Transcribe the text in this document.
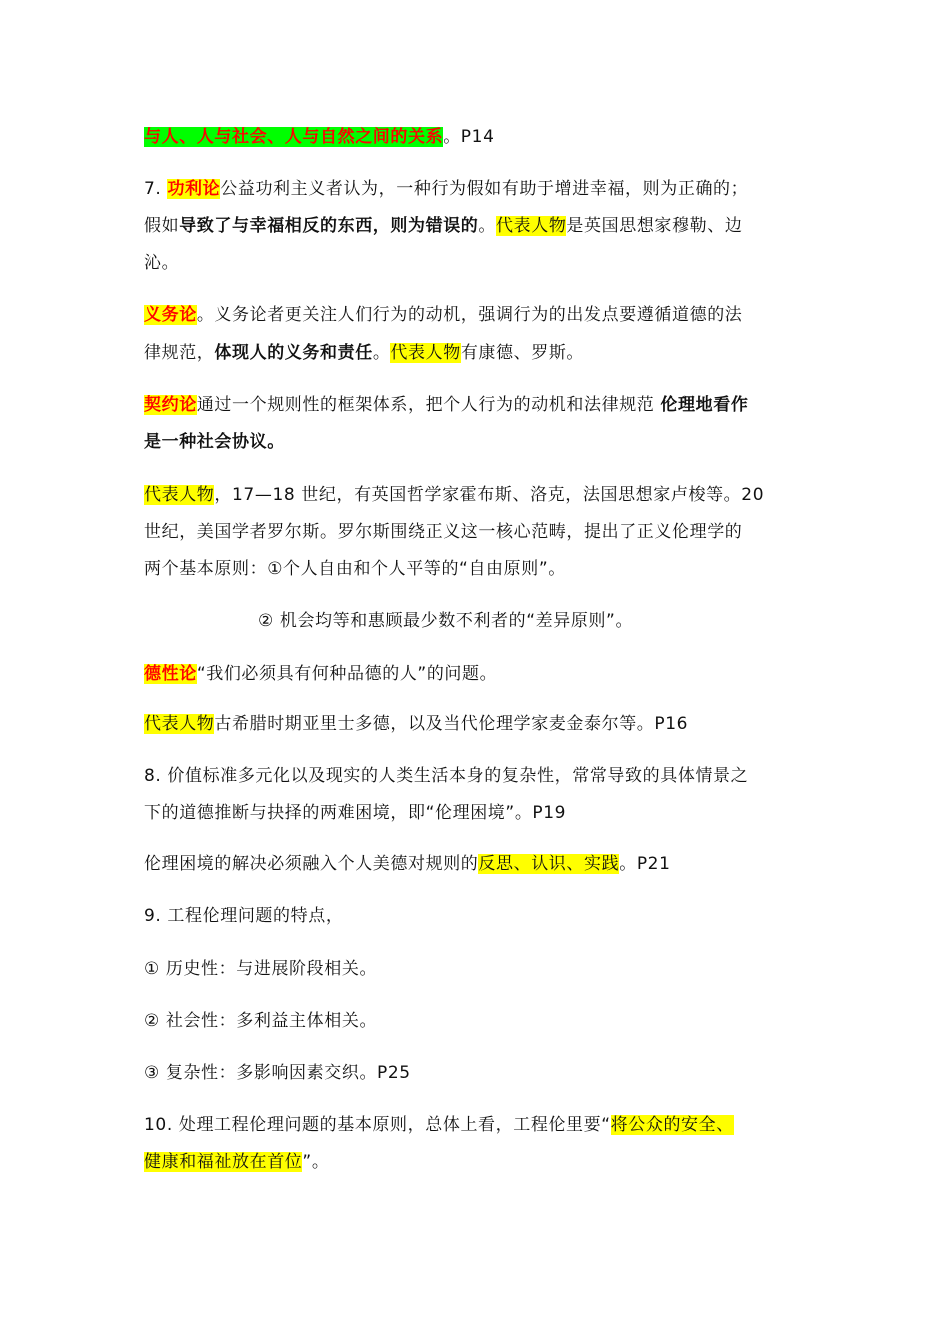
与人、人与社会、人与自然之间的关系。P14
7. 功利论公益功利主义者认为，一种行为假如有助于增进幸福，则为正确的；
假如导致了与幸福相反的东西，则为错误的。代表人物是英国思想家穆勒、边
沁。
义务论。义务论者更关注人们行为的动机，强调行为的出发点要遵循道德的法
律规范，体现人的义务和责任。代表人物有康德、罗斯。
契约论通过一个规则性的框架体系，把个人行为的动机和法律规范 伦理地看作
是一种社会协议。
代表人物，17—18 世纪，有英国哲学家霍布斯、洛克，法国思想家卢梭等。20
世纪，美国学者罗尔斯。罗尔斯围绕正义这一核心范畴，提出了正义伦理学的
两个基本原则：①个人自由和个人平等的“自由原则”。
② 机会均等和惠顾最少数不利者的“差异原则”。
德性论“我们必须具有何种品德的人”的问题。
代表人物古希腊时期亚里士多德，以及当代伦理学家麦金泰尔等。P16
8. 价值标准多元化以及现实的人类生活本身的复杂性，常常导致的具体情景之
下的道德推断与抉择的两难困境，即“伦理困境”。P19
伦理困境的解决必须融入个人美德对规则的反思、认识、实践。P21
9. 工程伦理问题的特点，
① 历史性：与进展阶段相关。
② 社会性：多利益主体相关。
③ 复杂性：多影响因素交织。P25
10. 处理工程伦理问题的基本原则，总体上看，工程伦里要“将公众的安全、
健康和福祉放在首位”。
